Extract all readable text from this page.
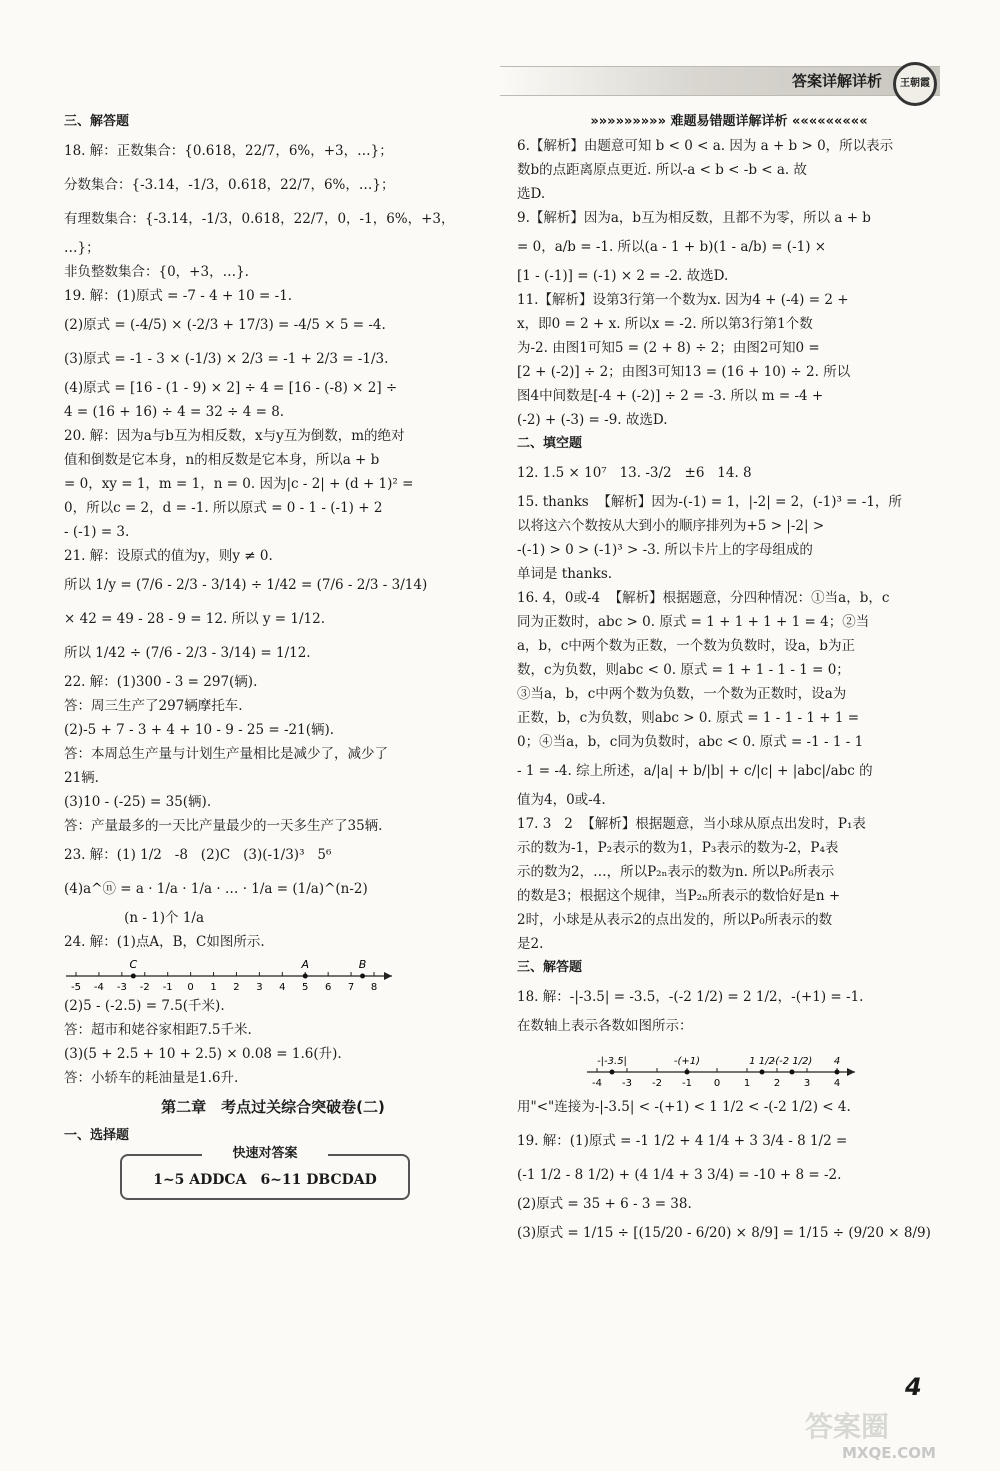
答案详解详析	王朝霞
三、解答题
18. 解：正数集合：{0.618，22/7，6%，+3，…}；
分数集合：{-3.14，-1/3，0.618，22/7，6%，…}；
有理数集合：{-3.14，-1/3，0.618，22/7，0，-1，6%，+3，
…}；
非负整数集合：{0，+3，…}.
19. 解：(1)原式 = -7 - 4 + 10 = -1.
(2)原式 = (-4/5) × (-2/3 + 17/3) = -4/5 × 5 = -4.
(3)原式 = -1 - 3 × (-1/3) × 2/3 = -1 + 2/3 = -1/3.
(4)原式 = [16 - (1 - 9) × 2] ÷ 4 = [16 - (-8) × 2] ÷
4 = (16 + 16) ÷ 4 = 32 ÷ 4 = 8.
20. 解：因为a与b互为相反数，x与y互为倒数，m的绝对
值和倒数是它本身，n的相反数是它本身，所以a + b
= 0，xy = 1，m = 1，n = 0. 因为|c - 2| + (d + 1)² =
0，所以c = 2，d = -1. 所以原式 = 0 - 1 - (-1) + 2
- (-1) = 3.
21. 解：设原式的值为y，则y ≠ 0.
所以 1/y = (7/6 - 2/3 - 3/14) ÷ 1/42 = (7/6 - 2/3 - 3/14)
× 42 = 49 - 28 - 9 = 12. 所以 y = 1/12.
所以 1/42 ÷ (7/6 - 2/3 - 3/14) = 1/12.
22. 解：(1)300 - 3 = 297(辆).
答：周三生产了297辆摩托车.
(2)-5 + 7 - 3 + 4 + 10 - 9 - 25 = -21(辆).
答：本周总生产量与计划生产量相比是减少了，减少了
21辆.
(3)10 - (-25) = 35(辆).
答：产量最多的一天比产量最少的一天多生产了35辆.
23. 解：(1) 1/2   -8   (2)C   (3)(-1/3)³   5⁶
(4)a^ⓝ = a · 1/a · 1/a · … · 1/a = (1/a)^(n-2)
(n - 1)个 1/a
24. 解：(1)点A，B，C如图所示.
-5 -4 -3 -2 -1 0 1 2 3 4 5 6 7 8
C	A	B
(2)5 - (-2.5) = 7.5(千米).
答：超市和姥谷家相距7.5千米.
(3)(5 + 2.5 + 10 + 2.5) × 0.08 = 1.6(升).
答：小轿车的耗油量是1.6升.
第二章　考点过关综合突破卷(二)
一、选择题
快速对答案
1~5 ADDCA　6~11 DBCDAD
»»»»»»»»» 难题易错题详解详析 «««««««««
6.【解析】由题意可知 b < 0 < a. 因为 a + b > 0，所以表示
数b的点距离原点更近. 所以-a < b < -b < a. 故
选D.
9.【解析】因为a，b互为相反数，且都不为零，所以 a + b
= 0，a/b = -1. 所以(a - 1 + b)(1 - a/b) = (-1) ×
[1 - (-1)] = (-1) × 2 = -2. 故选D.
11.【解析】设第3行第一个数为x. 因为4 + (-4) = 2 +
x，即0 = 2 + x. 所以x = -2. 所以第3行第1个数
为-2. 由图1可知5 = (2 + 8) ÷ 2；由图2可知0 =
[2 + (-2)] ÷ 2；由图3可知13 = (16 + 10) ÷ 2. 所以
图4中间数是[-4 + (-2)] ÷ 2 = -3. 所以 m = -4 +
(-2) + (-3) = -9. 故选D.
二、填空题
12. 1.5 × 10⁷   13. -3/2   ±6   14. 8
15. thanks  【解析】因为-(-1) = 1，|-2| = 2，(-1)³ = -1，所
以将这六个数按从大到小的顺序排列为+5 > |-2| >
-(-1) > 0 > (-1)³ > -3. 所以卡片上的字母组成的
单词是 thanks.
16. 4，0或-4  【解析】根据题意，分四种情况：①当a，b，c
同为正数时，abc > 0. 原式 = 1 + 1 + 1 + 1 = 4；②当
a，b，c中两个数为正数，一个数为负数时，设a，b为正
数，c为负数，则abc < 0. 原式 = 1 + 1 - 1 - 1 = 0；
③当a，b，c中两个数为负数，一个数为正数时，设a为
正数，b，c为负数，则abc > 0. 原式 = 1 - 1 - 1 + 1 =
0；④当a，b，c同为负数时，abc < 0. 原式 = -1 - 1 - 1
- 1 = -4. 综上所述，a/|a| + b/|b| + c/|c| + |abc|/abc 的
值为4，0或-4.
17. 3   2  【解析】根据题意，当小球从原点出发时，P₁表
示的数为-1，P₂表示的数为1，P₃表示的数为-2，P₄表
示的数为2，…，所以P₂ₙ表示的数为n. 所以P₆所表示
的数是3；根据这个规律，当P₂ₙ所表示的数恰好是n +
2时，小球是从表示2的点出发的，所以P₀所表示的数
是2.
三、解答题
18. 解：-|-3.5| = -3.5，-(-2 1/2) = 2 1/2，-(+1) = -1.
在数轴上表示各数如图所示：
-4 -3 -2 -1 0 1 2 3 4
-|-3.5|	-(+1)	1 1/2
-(-2 1/2) 4
用"<"连接为-|-3.5| < -(+1) < 1 1/2 < -(-2 1/2) < 4.
19. 解：(1)原式 = -1 1/2 + 4 1/4 + 3 3/4 - 8 1/2 =
(-1 1/2 - 8 1/2) + (4 1/4 + 3 3/4) = -10 + 8 = -2.
(2)原式 = 35 + 6 - 3 = 38.
(3)原式 = 1/15 ÷ [(15/20 - 6/20) × 8/9] = 1/15 ÷ (9/20 × 8/9)
4
答案圈
MXQE.COM
